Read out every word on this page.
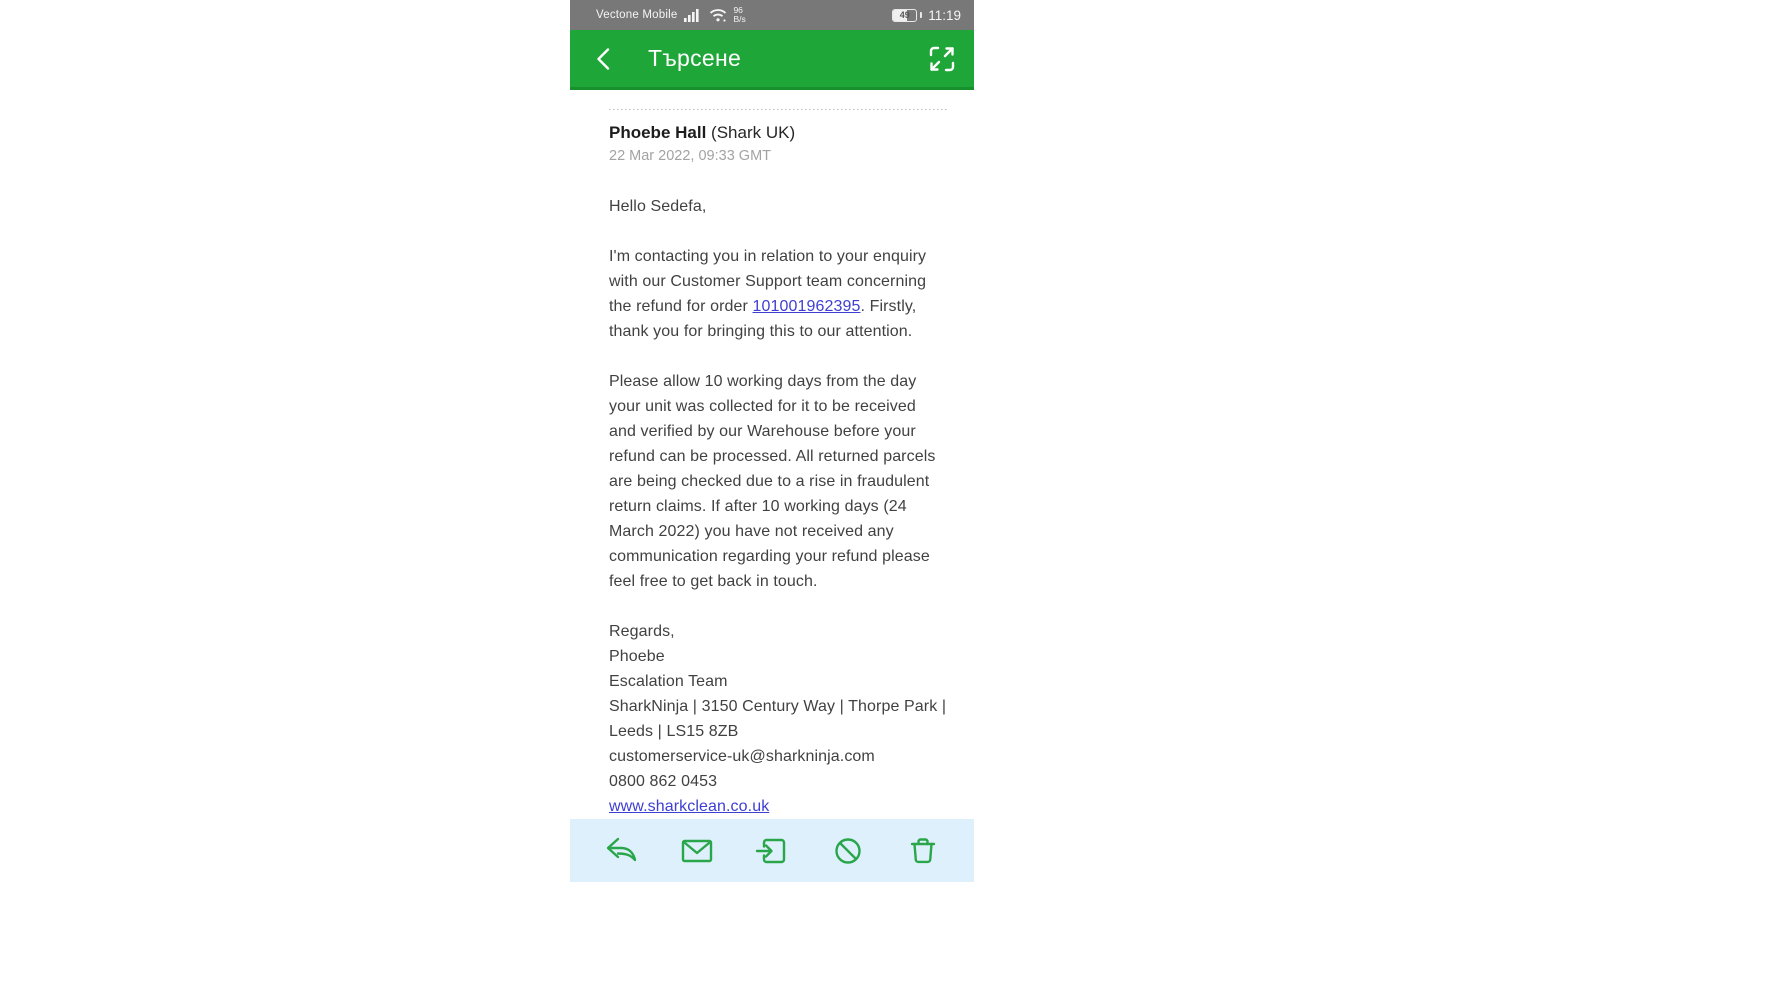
Vectone Mobile	96
B/s	49 11:19
Търсене
Phoebe Hall (Shark UK)
22 Mar 2022, 09:33 GMT
Hello Sedefa,
I'm contacting you in relation to your enquiry
with our Customer Support team concerning
the refund for order 101001962395. Firstly,
thank you for bringing this to our attention.
Please allow 10 working days from the day
your unit was collected for it to be received
and verified by our Warehouse before your
refund can be processed. All returned parcels
are being checked due to a rise in fraudulent
return claims. If after 10 working days (24
March 2022) you have not received any
communication regarding your refund please
feel free to get back in touch.
Regards,
Phoebe
Escalation Team
SharkNinja | 3150 Century Way | Thorpe Park |
Leeds | LS15 8ZB
customerservice-uk@sharkninja.com
0800 862 0453
www.sharkclean.co.uk
